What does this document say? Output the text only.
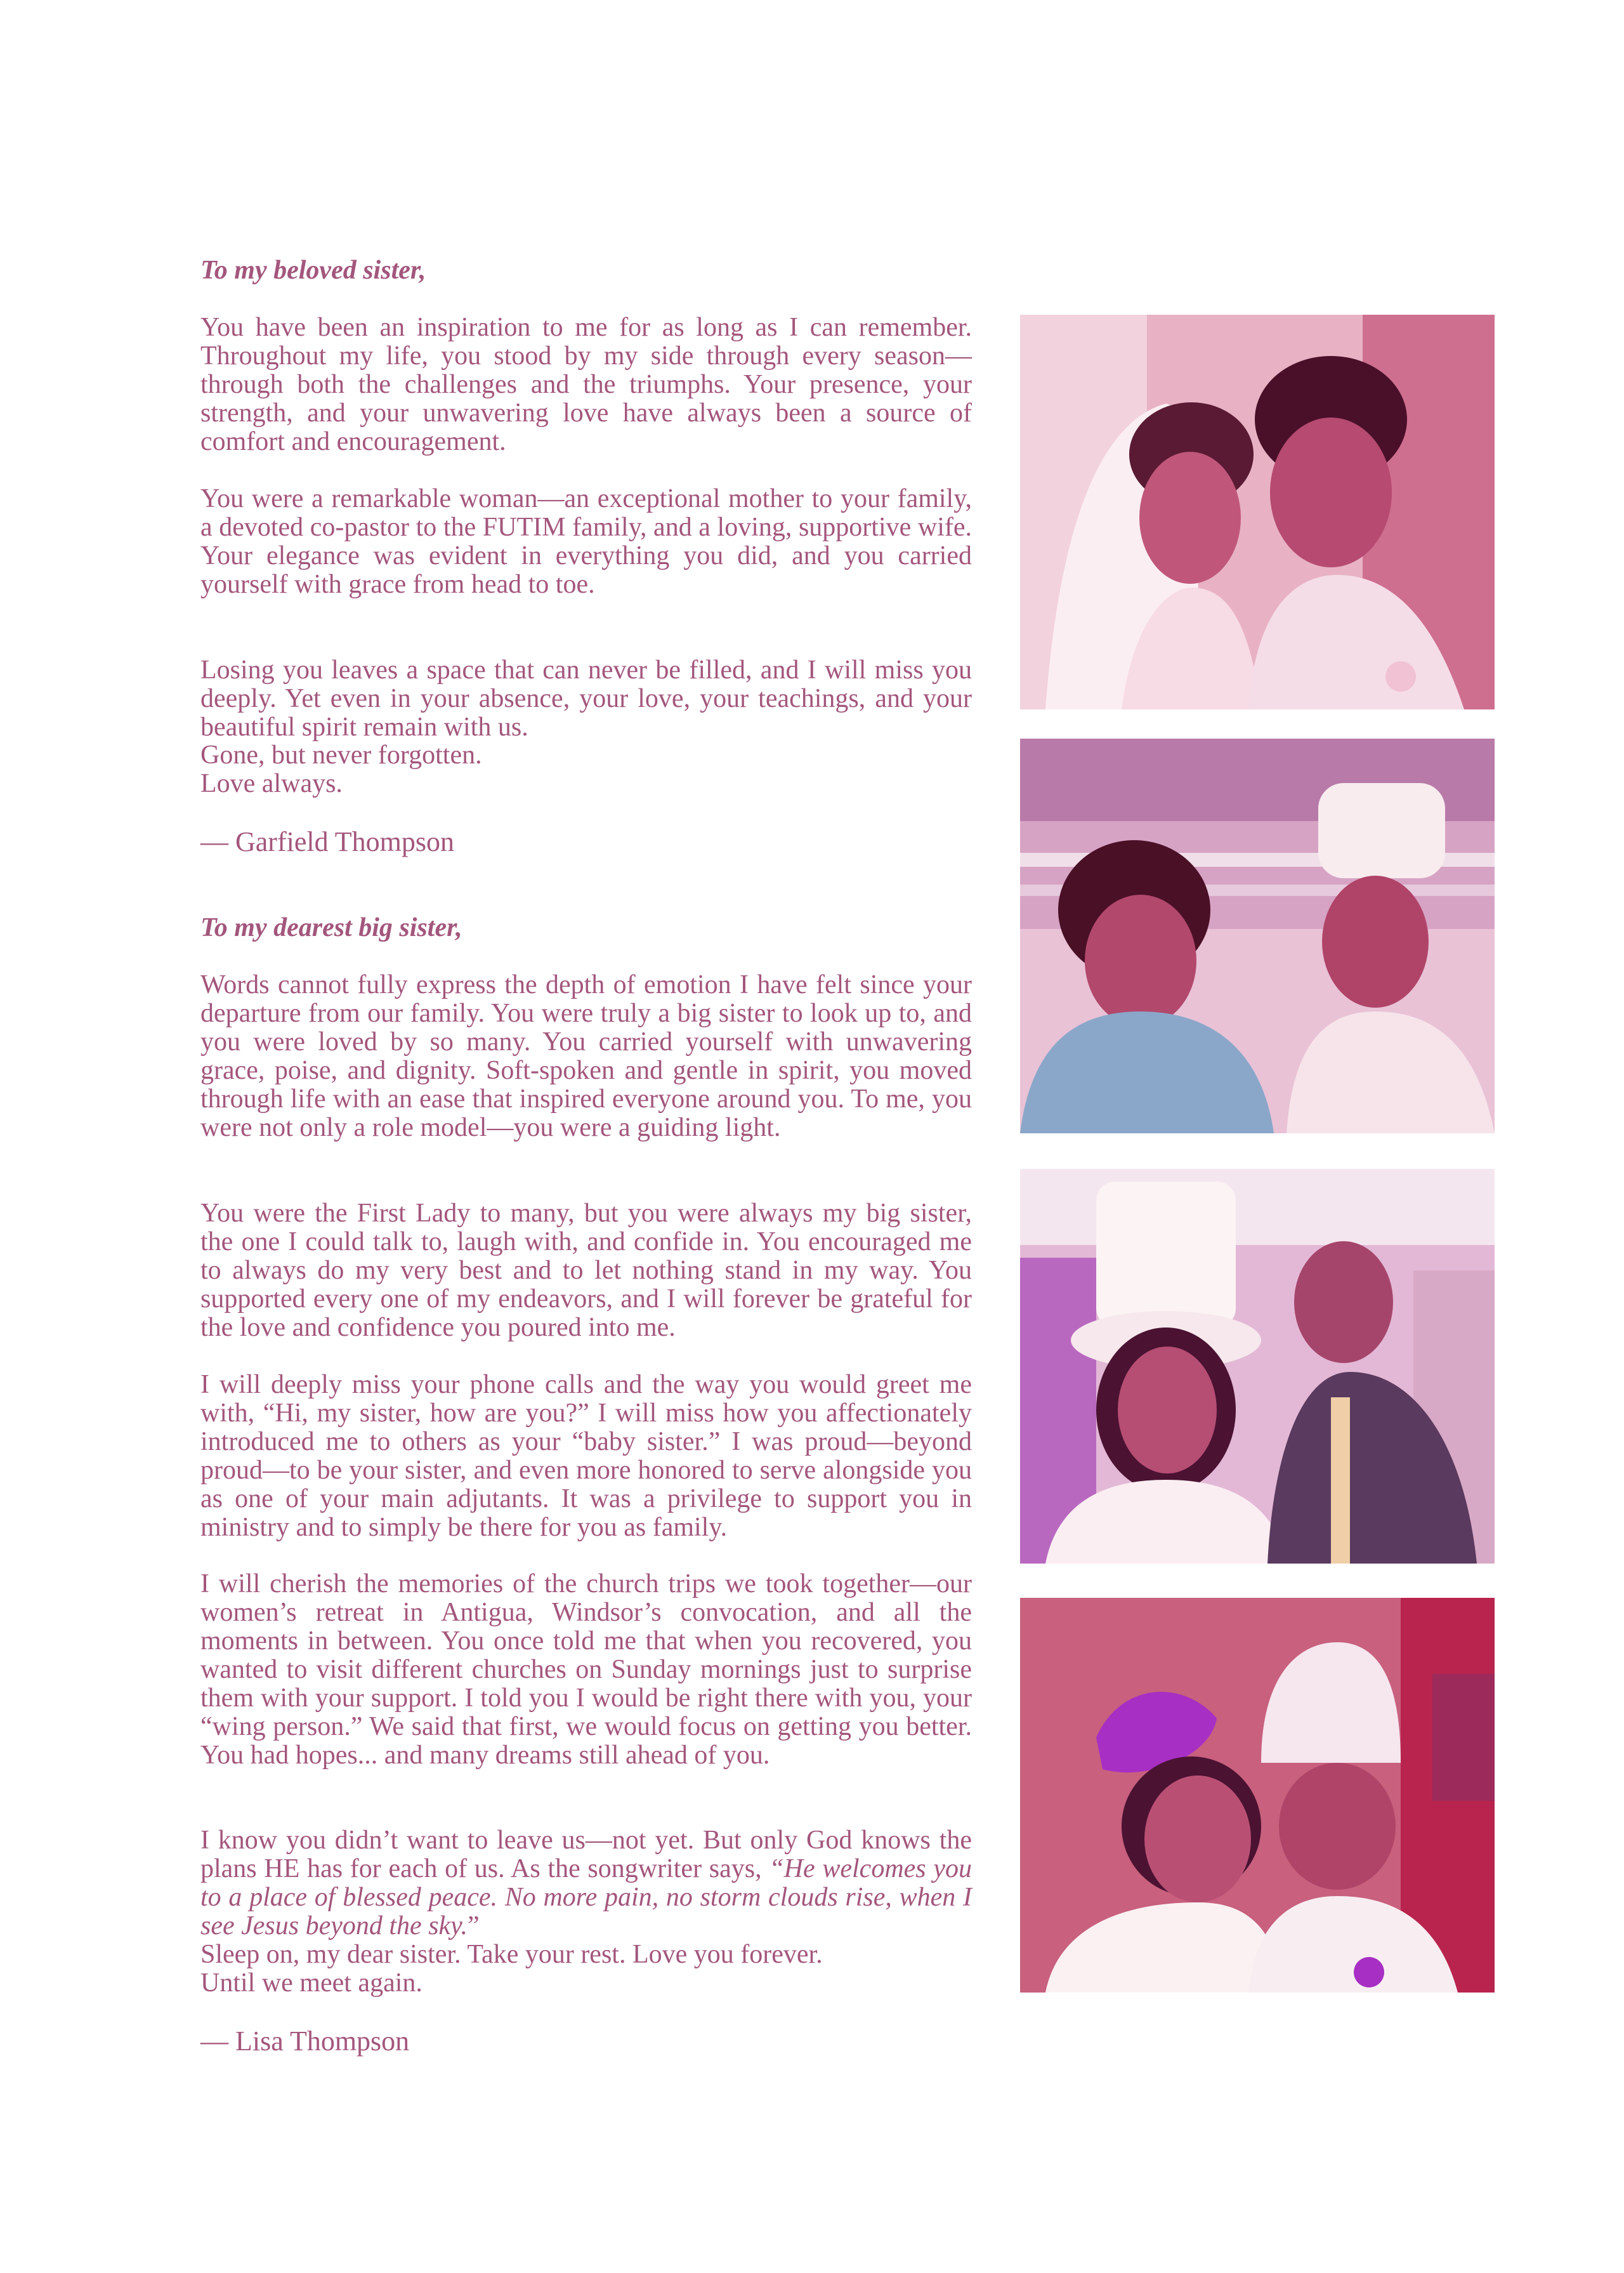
To my beloved sister,

You have been an inspiration to me for as long as I can remember. Throughout my life, you stood by my side through every season—through both the challenges and the triumphs. Your presence, your strength, and your unwavering love have always been a source of comfort and encouragement.

You were a remarkable woman—an exceptional mother to your family, a devoted co-pastor to the FUTIM family, and a loving, supportive wife. Your elegance was evident in everything you did, and you carried yourself with grace from head to toe.

Losing you leaves a space that can never be filled, and I will miss you deeply. Yet even in your absence, your love, your teachings, and your beautiful spirit remain with us.

Gone, but never forgotten.

Love always.

— Garfield Thompson

To my dearest big sister,

Words cannot fully express the depth of emotion I have felt since your departure from our family. You were truly a big sister to look up to, and you were loved by so many. You carried yourself with unwavering grace, poise, and dignity. Soft-spoken and gentle in spirit, you moved through life with an ease that inspired everyone around you. To me, you were not only a role model—you were a guiding light.

You were the First Lady to many, but you were always my big sister, the one I could talk to, laugh with, and confide in. You encouraged me to always do my very best and to let nothing stand in my way. You supported every one of my endeavors, and I will forever be grateful for the love and confidence you poured into me.

I will deeply miss your phone calls and the way you would greet me with, “Hi, my sister, how are you?” I will miss how you affectionately introduced me to others as your “baby sister.” I was proud—beyond proud—to be your sister, and even more honored to serve alongside you as one of your main adjutants. It was a privilege to support you in ministry and to simply be there for you as family.

I will cherish the memories of the church trips we took together—our women’s retreat in Antigua, Windsor’s convocation, and all the moments in between. You once told me that when you recovered, you wanted to visit different churches on Sunday mornings just to surprise them with your support. I told you I would be right there with you, your “wing person.” We said that first, we would focus on getting you better. You had hopes... and many dreams still ahead of you.

I know you didn’t want to leave us—not yet. But only God knows the plans HE has for each of us. As the songwriter says, “He welcomes you to a place of blessed peace. No more pain, no storm clouds rise, when I see Jesus beyond the sky.”

Sleep on, my dear sister. Take your rest. Love you forever.

Until we meet again.

— Lisa Thompson
